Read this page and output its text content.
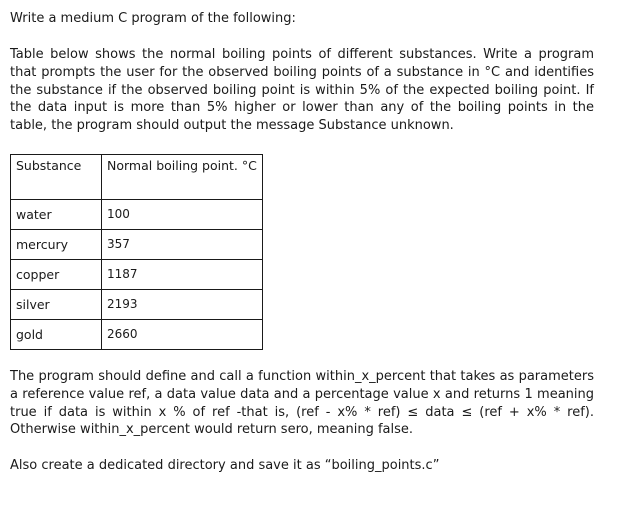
Write a medium C program of the following:

Table below shows the normal boiling points of different substances. Write a program that prompts the user for the observed boiling points of a substance in °C and identifies the substance if the observed boiling point is within 5% of the expected boiling point. If the data input is more than 5% higher or lower than any of the boiling points in the table, the program should output the message Substance unknown.

Substance	Normal boiling point. °C
water	100
mercury	357
copper	1187
silver	2193
gold	2660

The program should define and call a function within_x_percent that takes as parameters a reference value ref, a data value data and a percentage value x and returns 1 meaning true if data is within x % of ref -that is, (ref - x% * ref) ≤ data ≤ (ref + x% * ref). Otherwise within_x_percent would return sero, meaning false.

Also create a dedicated directory and save it as “boiling_points.c”
